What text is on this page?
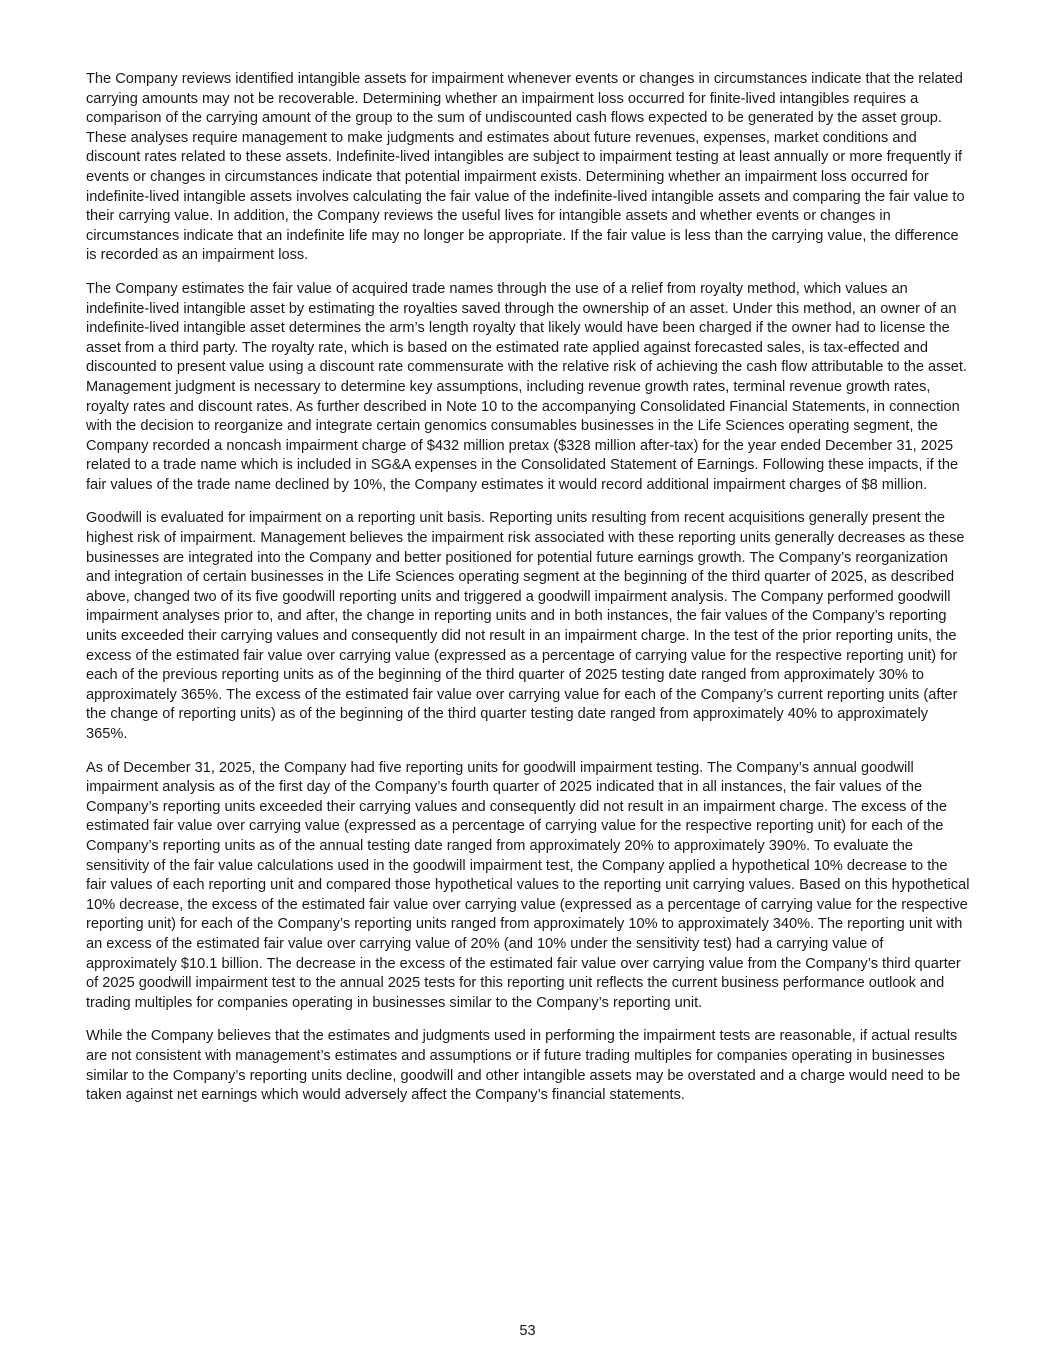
The Company reviews identified intangible assets for impairment whenever events or changes in circumstances indicate that the related carrying amounts may not be recoverable. Determining whether an impairment loss occurred for finite-lived intangibles requires a comparison of the carrying amount of the group to the sum of undiscounted cash flows expected to be generated by the asset group. These analyses require management to make judgments and estimates about future revenues, expenses, market conditions and discount rates related to these assets. Indefinite-lived intangibles are subject to impairment testing at least annually or more frequently if events or changes in circumstances indicate that potential impairment exists. Determining whether an impairment loss occurred for indefinite-lived intangible assets involves calculating the fair value of the indefinite-lived intangible assets and comparing the fair value to their carrying value. In addition, the Company reviews the useful lives for intangible assets and whether events or changes in circumstances indicate that an indefinite life may no longer be appropriate. If the fair value is less than the carrying value, the difference is recorded as an impairment loss.

The Company estimates the fair value of acquired trade names through the use of a relief from royalty method, which values an indefinite-lived intangible asset by estimating the royalties saved through the ownership of an asset. Under this method, an owner of an indefinite-lived intangible asset determines the arm’s length royalty that likely would have been charged if the owner had to license the asset from a third party. The royalty rate, which is based on the estimated rate applied against forecasted sales, is tax-effected and discounted to present value using a discount rate commensurate with the relative risk of achieving the cash flow attributable to the asset. Management judgment is necessary to determine key assumptions, including revenue growth rates, terminal revenue growth rates, royalty rates and discount rates. As further described in Note 10 to the accompanying Consolidated Financial Statements, in connection with the decision to reorganize and integrate certain genomics consumables businesses in the Life Sciences operating segment, the Company recorded a noncash impairment charge of $432 million pretax ($328 million after-tax) for the year ended December 31, 2025 related to a trade name which is included in SG&A expenses in the Consolidated Statement of Earnings. Following these impacts, if the fair values of the trade name declined by 10%, the Company estimates it would record additional impairment charges of $8 million.

Goodwill is evaluated for impairment on a reporting unit basis. Reporting units resulting from recent acquisitions generally present the highest risk of impairment. Management believes the impairment risk associated with these reporting units generally decreases as these businesses are integrated into the Company and better positioned for potential future earnings growth. The Company’s reorganization and integration of certain businesses in the Life Sciences operating segment at the beginning of the third quarter of 2025, as described above, changed two of its five goodwill reporting units and triggered a goodwill impairment analysis. The Company performed goodwill impairment analyses prior to, and after, the change in reporting units and in both instances, the fair values of the Company’s reporting units exceeded their carrying values and consequently did not result in an impairment charge. In the test of the prior reporting units, the excess of the estimated fair value over carrying value (expressed as a percentage of carrying value for the respective reporting unit) for each of the previous reporting units as of the beginning of the third quarter of 2025 testing date ranged from approximately 30% to approximately 365%. The excess of the estimated fair value over carrying value for each of the Company’s current reporting units (after the change of reporting units) as of the beginning of the third quarter testing date ranged from approximately 40% to approximately 365%.

As of December 31, 2025, the Company had five reporting units for goodwill impairment testing. The Company’s annual goodwill impairment analysis as of the first day of the Company’s fourth quarter of 2025 indicated that in all instances, the fair values of the Company’s reporting units exceeded their carrying values and consequently did not result in an impairment charge. The excess of the estimated fair value over carrying value (expressed as a percentage of carrying value for the respective reporting unit) for each of the Company’s reporting units as of the annual testing date ranged from approximately 20% to approximately 390%. To evaluate the sensitivity of the fair value calculations used in the goodwill impairment test, the Company applied a hypothetical 10% decrease to the fair values of each reporting unit and compared those hypothetical values to the reporting unit carrying values. Based on this hypothetical 10% decrease, the excess of the estimated fair value over carrying value (expressed as a percentage of carrying value for the respective reporting unit) for each of the Company’s reporting units ranged from approximately 10% to approximately 340%. The reporting unit with an excess of the estimated fair value over carrying value of 20% (and 10% under the sensitivity test) had a carrying value of approximately $10.1 billion. The decrease in the excess of the estimated fair value over carrying value from the Company’s third quarter of 2025 goodwill impairment test to the annual 2025 tests for this reporting unit reflects the current business performance outlook and trading multiples for companies operating in businesses similar to the Company’s reporting unit.

While the Company believes that the estimates and judgments used in performing the impairment tests are reasonable, if actual results are not consistent with management’s estimates and assumptions or if future trading multiples for companies operating in businesses similar to the Company’s reporting units decline, goodwill and other intangible assets may be overstated and a charge would need to be taken against net earnings which would adversely affect the Company’s financial statements.

53
